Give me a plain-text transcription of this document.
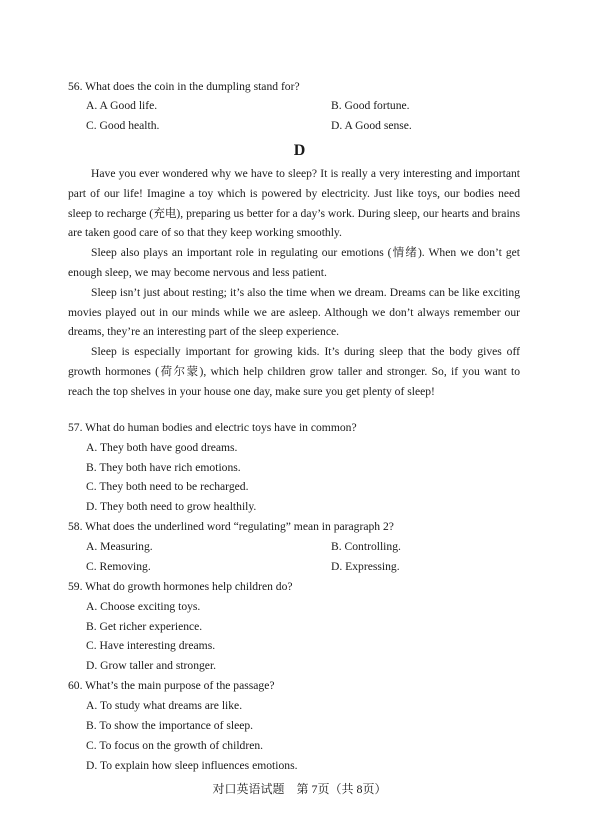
56. What does the coin in the dumpling stand for?
A. A Good life.	B. Good fortune.
C. Good health.	D. A Good sense.
D

Have you ever wondered why we have to sleep? It is really a very interesting and important part of our life! Imagine a toy which is powered by electricity. Just like toys, our bodies need sleep to recharge (充电), preparing us better for a day’s work. During sleep, our hearts and brains are taken good care of so that they keep working smoothly.

Sleep also plays an important role in regulating our emotions (情绪). When we don’t get enough sleep, we may become nervous and less patient.

Sleep isn’t just about resting; it’s also the time when we dream. Dreams can be like exciting movies played out in our minds while we are asleep. Although we don’t always remember our dreams, they’re an interesting part of the sleep experience.

Sleep is especially important for growing kids. It’s during sleep that the body gives off growth hormones (荷尔蒙), which help children grow taller and stronger. So, if you want to reach the top shelves in your house one day, make sure you get plenty of sleep!

57. What do human bodies and electric toys have in common?
A. They both have good dreams.
B. They both have rich emotions.
C. They both need to be recharged.
D. They both need to grow healthily.
58. What does the underlined word “regulating” mean in paragraph 2?
A. Measuring.	B. Controlling.
C. Removing.	D. Expressing.
59. What do growth hormones help children do?
A. Choose exciting toys.
B. Get richer experience.
C. Have interesting dreams.
D. Grow taller and stronger.
60. What’s the main purpose of the passage?
A. To study what dreams are like.
B. To show the importance of sleep.
C. To focus on the growth of children.
D. To explain how sleep influences emotions.
对口英语试题　第 7页（共 8页）
